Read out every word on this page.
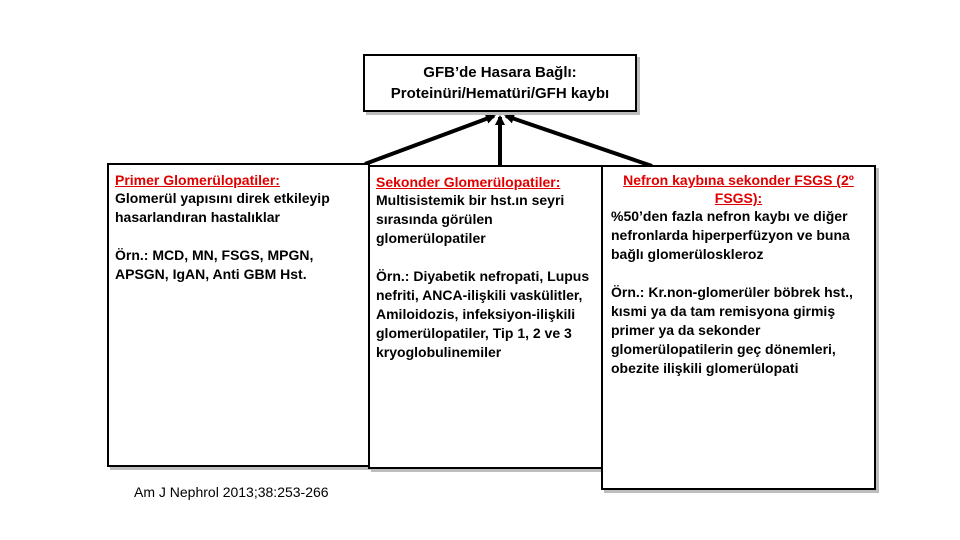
GFB’de Hasara Bağlı:
Proteinüri/Hematüri/GFH kaybı
Primer Glomerülopatiler:

Glomerül yapısını direk etkileyip hasarlandıran hastalıklar

Örn.: MCD, MN, FSGS, MPGN, APSGN, IgAN, Anti GBM Hst.

Sekonder Glomerülopatiler:

Multisistemik bir hst.ın seyri sırasında görülen glomerülopatiler

Örn.: Diyabetik nefropati, Lupus nefriti, ANCA-ilişkili vaskülitler, Amiloidozis, infeksiyon-ilişkili glomerülopatiler, Tip 1, 2 ve 3 kryoglobulinemiler

Nefron kaybına sekonder FSGS (2º FSGS):

%50’den fazla nefron kaybı ve diğer nefronlarda hiperperfüzyon ve buna bağlı glomerüloskleroz

Örn.: Kr.non-glomerüler böbrek hst., kısmi ya da tam remisyona girmiş primer ya da sekonder glomerülopatilerin geç dönemleri, obezite ilişkili glomerülopati

Am J Nephrol 2013;38:253-266
